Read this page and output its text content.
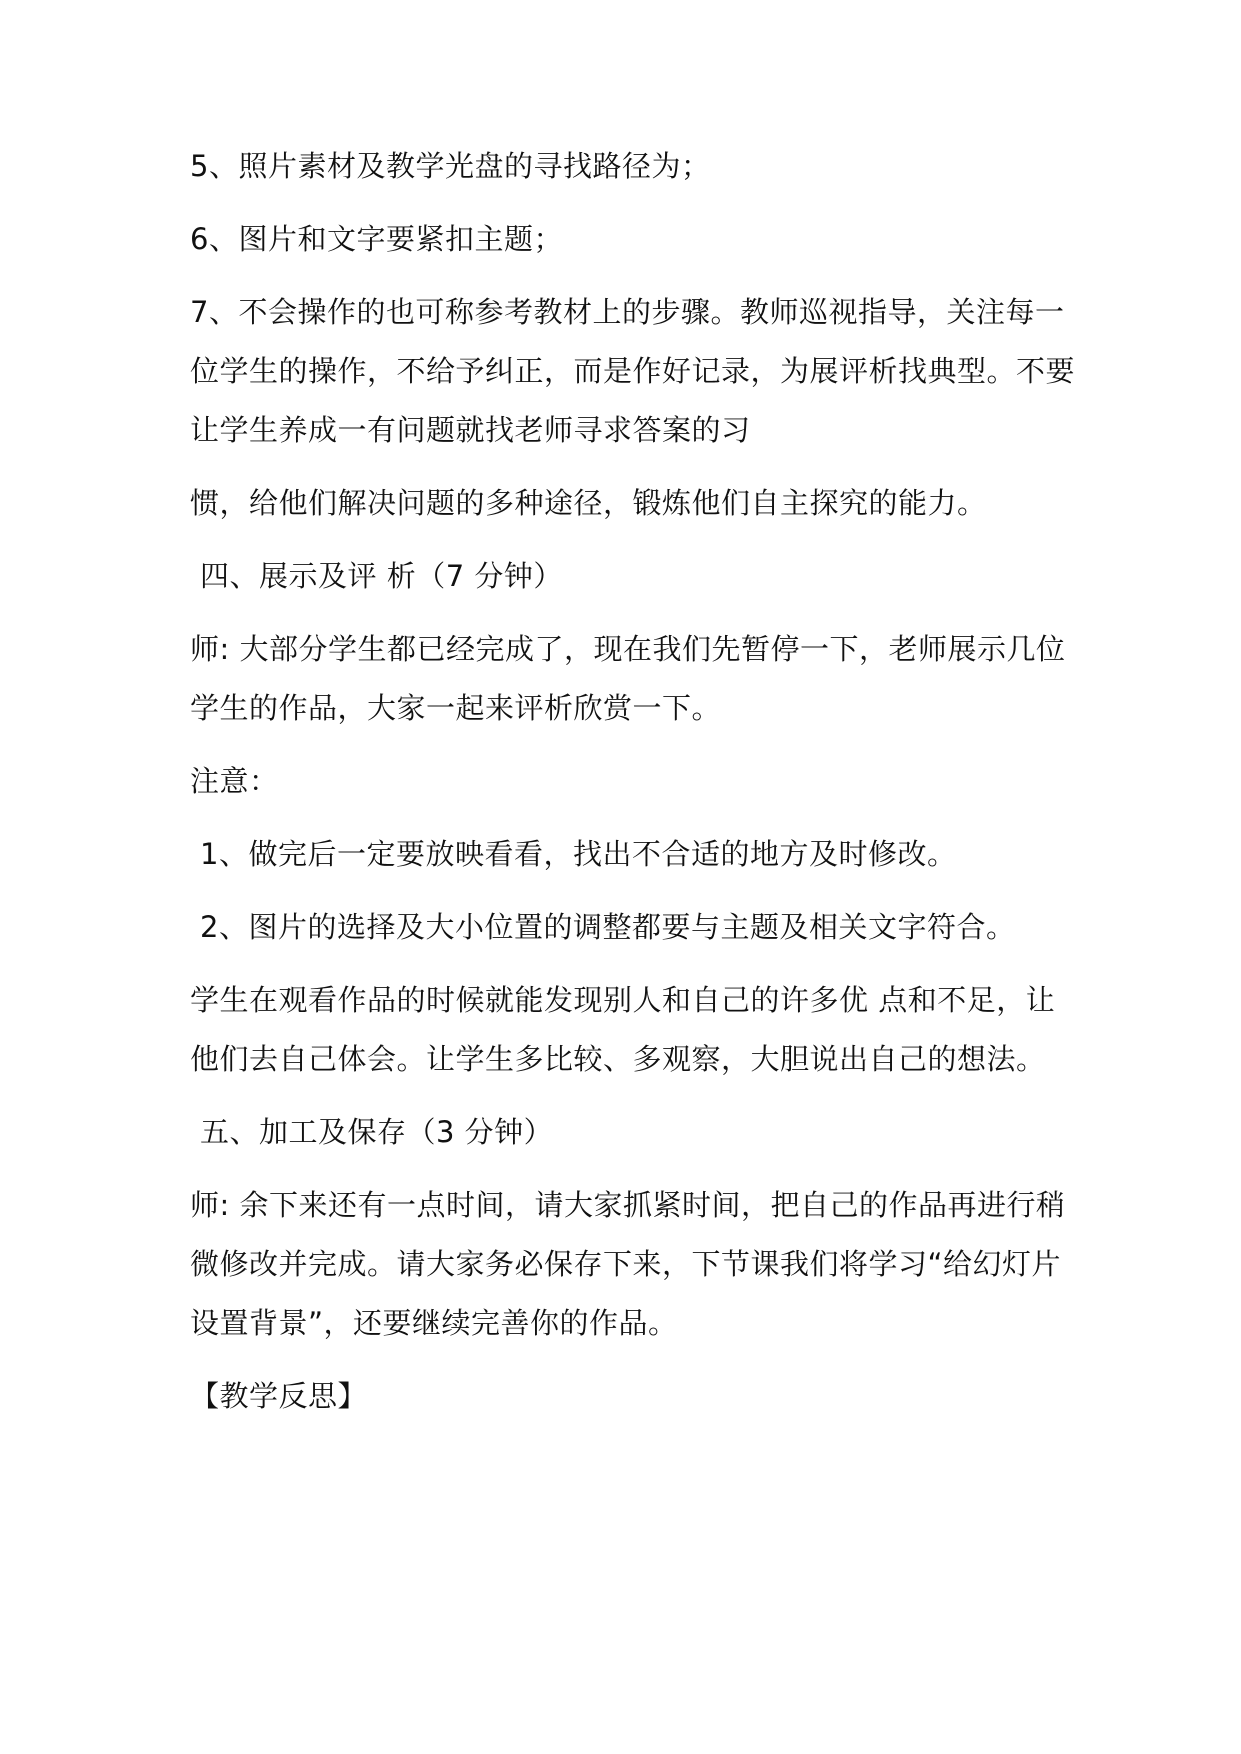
5、照片素材及教学光盘的寻找路径为；
6、图片和文字要紧扣主题；
7、不会操作的也可称参考教材上的步骤。教师巡视指导，关注每一
位学生的操作，不给予纠正，而是作好记录，为展评析找典型。不要
让学生养成一有问题就找老师寻求答案的习
惯，给他们解决问题的多种途径，锻炼他们自主探究的能力。
四、展示及评 析（7 分钟）
师: 大部分学生都已经完成了，现在我们先暂停一下，老师展示几位
学生的作品，大家一起来评析欣赏一下。
注意：
1、做完后一定要放映看看，找出不合适的地方及时修改。
2、图片的选择及大小位置的调整都要与主题及相关文字符合。
学生在观看作品的时候就能发现别人和自己的许多优 点和不足，让
他们去自己体会。让学生多比较、多观察，大胆说出自己的想法。
五、加工及保存（3 分钟）
师: 余下来还有一点时间，请大家抓紧时间，把自己的作品再进行稍
微修改并完成。请大家务必保存下来，下节课我们将学习“给幻灯片
设置背景”，还要继续完善你的作品。
【教学反思】
